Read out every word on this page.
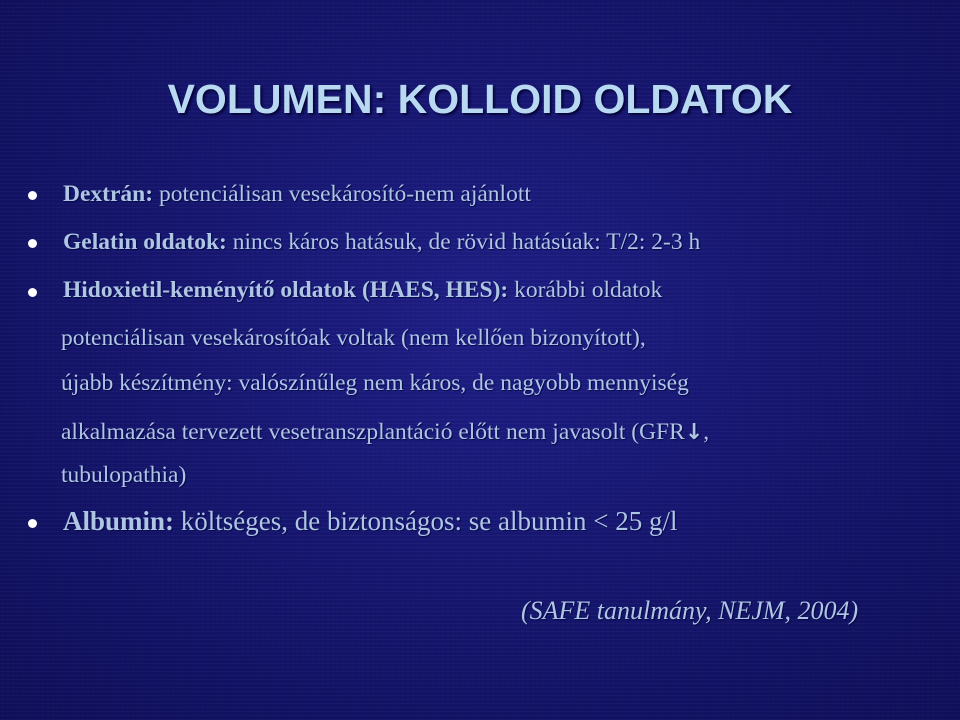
VOLUMEN: KOLLOID OLDATOK
Dextrán: potenciálisan vesekárosító-nem ajánlott
Gelatin oldatok: nincs káros hatásuk, de rövid hatásúak: T/2: 2-3 h
Hidoxietil-keményítő oldatok (HAES, HES): korábbi oldatok
potenciálisan vesekárosítóak voltak (nem kellően bizonyított),
újabb készítmény: valószínűleg nem káros, de nagyobb mennyiség
alkalmazása tervezett vesetranszplantáció előtt nem javasolt (GFR↓,
tubulopathia)
Albumin: költséges, de biztonságos: se albumin < 25 g/l
(SAFE tanulmány, NEJM, 2004)
